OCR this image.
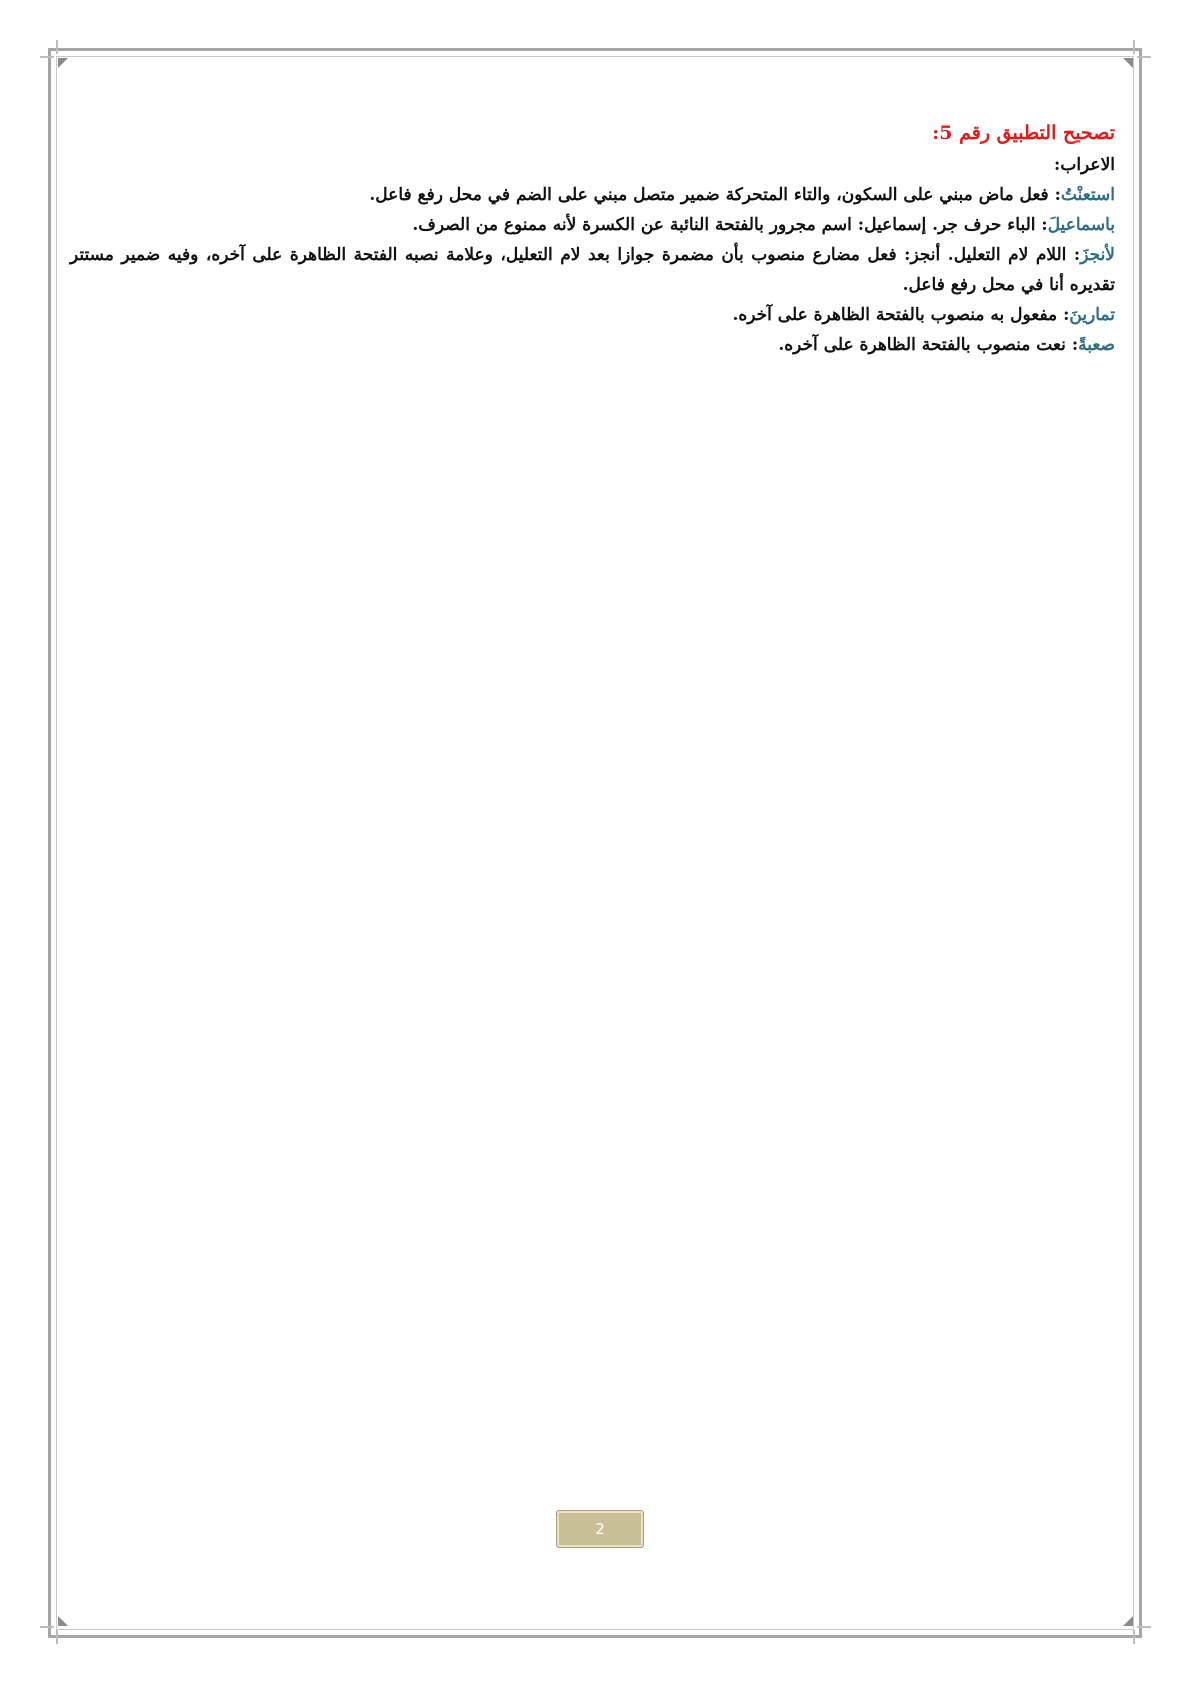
تصحيح التطبيق رقم 5:

الاعراب:

استعنْتُ: فعل ماض مبني على السكون، والتاء المتحركة ضمير متصل مبني على الضم في محل رفع فاعل.

باسماعيلَ: الباء حرف جر. إسماعيل: اسم مجرور بالفتحة النائبة عن الكسرة لأنه ممنوع من الصرف.

لأنجزَ: اللام لام التعليل. أنجز: فعل مضارع منصوب بأن مضمرة جوازا بعد لام التعليل، وعلامة نصبه الفتحة الظاهرة على آخره، وفيه ضمير مستتر تقديره أنا في محل رفع فاعل.

تمارينَ: مفعول به منصوب بالفتحة الظاهرة على آخره.

صعبةً: نعت منصوب بالفتحة الظاهرة على آخره.

2
